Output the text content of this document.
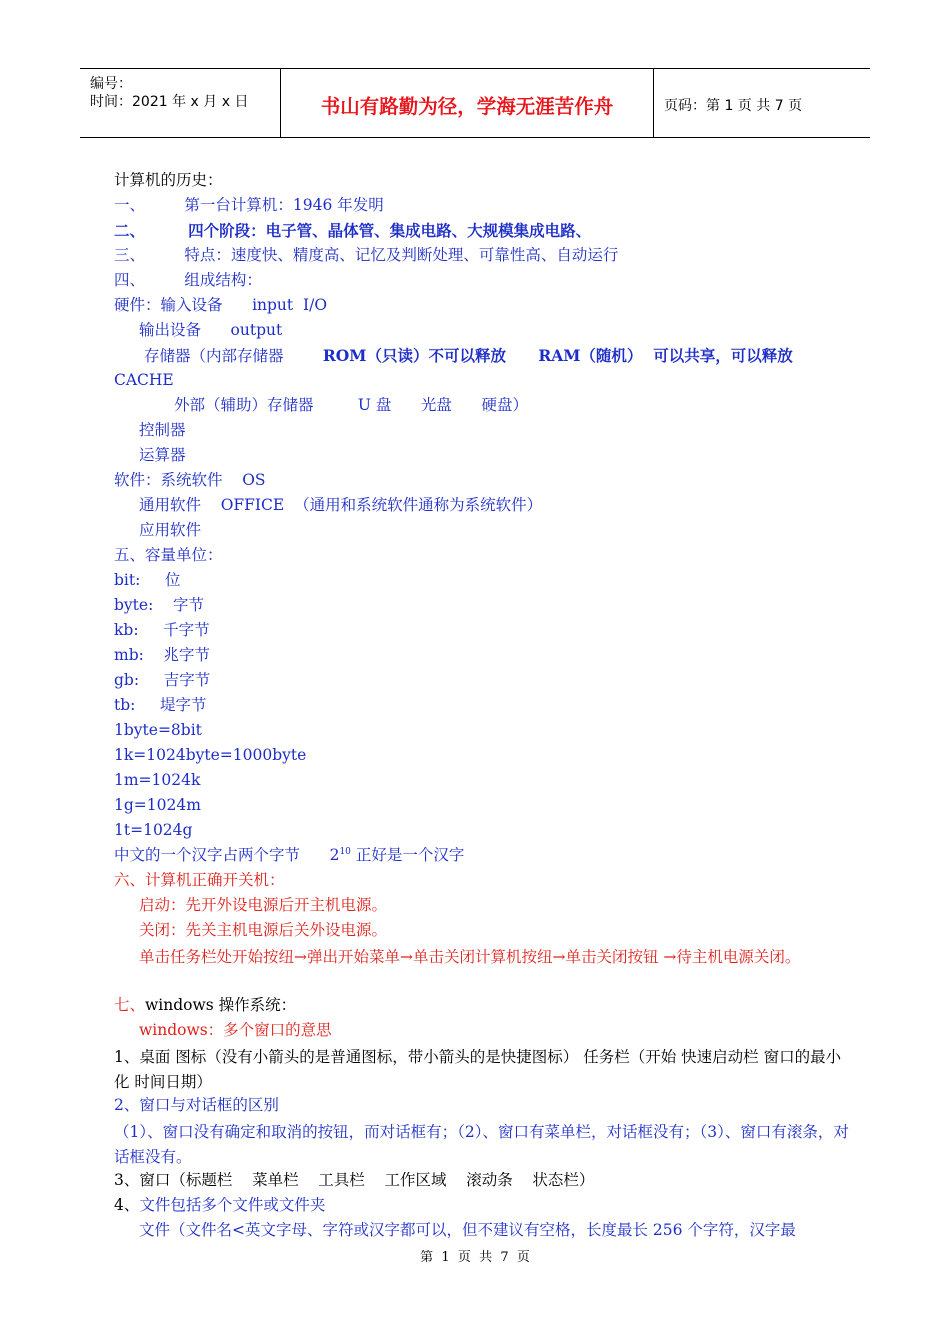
编号：
时间：2021 年 x 月 x 日	书山有路勤为径，学海无涯苦作舟	页码：第 1 页 共 7 页
计算机的历史：
一、        第一台计算机：1946 年发明
二、        四个阶段：电子管、晶体管、集成电路、大规模集成电路、
三、        特点：速度快、精度高、记忆及判断处理、可靠性高、自动运行
四、        组成结构：
硬件：输入设备      input  I/O
输出设备      output
存储器（内部存储器        ROM（只读）不可以释放      RAM（随机）  可以共享，可以释放
CACHE
外部（辅助）存储器         U 盘      光盘      硬盘）
控制器
运算器
软件：系统软件    OS
通用软件    OFFICE  （通用和系统软件通称为系统软件）
应用软件
五、容量单位：
bit:     位
byte:    字节
kb:     千字节
mb:    兆字节
gb:     吉字节
tb:     堤字节
1byte=8bit
1k=1024byte=1000byte
1m=1024k
1g=1024m
1t=1024g
中文的一个汉字占两个字节      $2^{10}$ 正好是一个汉字
六、计算机正确开关机：
启动：先开外设电源后开主机电源。
关闭：先关主机电源后关外设电源。
单击任务栏处开始按纽→弹出开始菜单→单击关闭计算机按纽→单击关闭按钮 →待主机电源关闭。
七、windows 操作系统：
windows：多个窗口的意思
1、桌面 图标（没有小箭头的是普通图标，带小箭头的是快捷图标） 任务栏（开始 快速启动栏 窗口的最小化 时间日期）
2、窗口与对话框的区别
（1）、窗口没有确定和取消的按钮，而对话框有；（2）、窗口有菜单栏，对话框没有；（3）、窗口有滚条，对话框没有。
3、窗口（标题栏    菜单栏    工具栏    工作区域    滚动条    状态栏）
4、文件包括多个文件或文件夹
文件（文件名<英文字母、字符或汉字都可以，但不建议有空格，长度最长 256 个字符，汉字最
第  1  页  共  7  页
